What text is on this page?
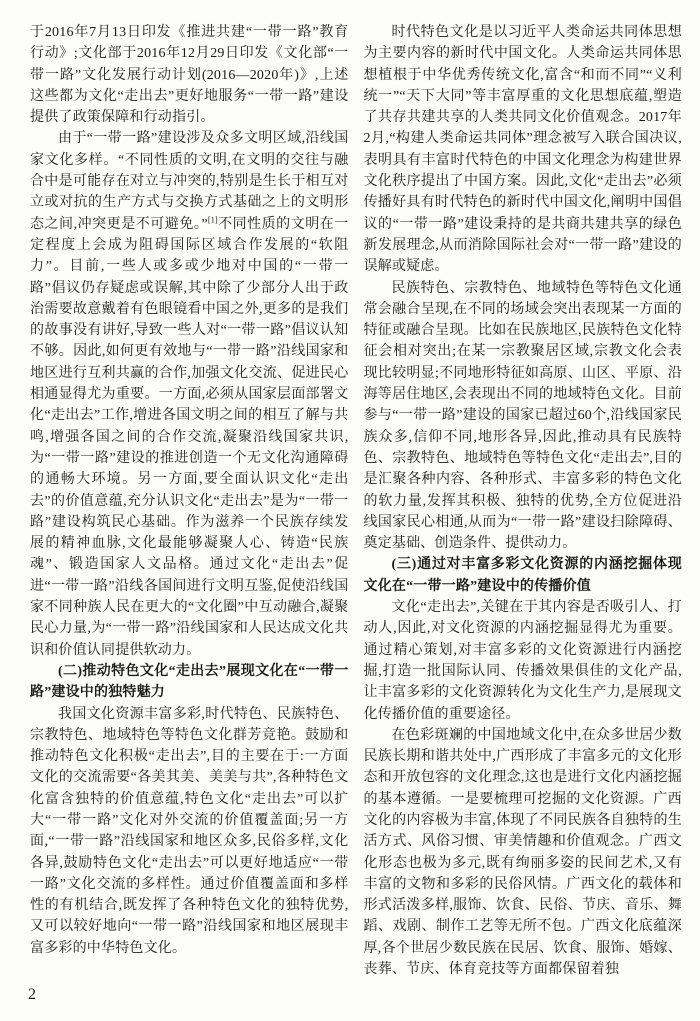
于2016年7月13日印发《推进共建“一带一路”教育行动》;文化部于2016年12月29日印发《文化部“一带一路”文化发展行动计划(2016—2020年)》,上述这些都为文化“走出去”更好地服务“一带一路”建设提供了政策保障和行动指引。

由于“一带一路”建设涉及众多文明区域,沿线国家文化多样。“不同性质的文明,在文明的交往与融合中是可能存在对立与冲突的,特别是生长于相互对立或对抗的生产方式与交换方式基础之上的文明形态之间,冲突更是不可避免。”[1]不同性质的文明在一定程度上会成为阻碍国际区域合作发展的“软阻力”。目前,一些人或多或少地对中国的“一带一路”倡议仍存疑虑或误解,其中除了少部分人出于政治需要故意戴着有色眼镜看中国之外,更多的是我们的故事没有讲好,导致一些人对“一带一路”倡议认知不够。因此,如何更有效地与“一带一路”沿线国家和地区进行互利共赢的合作,加强文化交流、促进民心相通显得尤为重要。一方面,必须从国家层面部署文化“走出去”工作,增进各国文明之间的相互了解与共鸣,增强各国之间的合作交流,凝聚沿线国家共识,为“一带一路”建设的推进创造一个无文化沟通障碍的通畅大环境。另一方面,要全面认识文化“走出去”的价值意蕴,充分认识文化“走出去”是为“一带一路”建设构筑民心基础。作为滋养一个民族存续发展的精神血脉,文化最能够凝聚人心、铸造“民族魂”、锻造国家人文品格。通过文化“走出去”促进“一带一路”沿线各国间进行文明互鉴,促使沿线国家不同种族人民在更大的“文化圈”中互动融合,凝聚民心力量,为“一带一路”沿线国家和人民达成文化共识和价值认同提供软动力。

(二)推动特色文化“走出去”展现文化在“一带一路”建设中的独特魅力

我国文化资源丰富多彩,时代特色、民族特色、宗教特色、地域特色等特色文化群芳竞艳。鼓励和推动特色文化积极“走出去”,目的主要在于:一方面文化的交流需要“各美其美、美美与共”,各种特色文化富含独特的价值意蕴,特色文化“走出去”可以扩大“一带一路”文化对外交流的价值覆盖面;另一方面,“一带一路”沿线国家和地区众多,民俗多样,文化各异,鼓励特色文化“走出去”可以更好地适应“一带一路”文化交流的多样性。通过价值覆盖面和多样性的有机结合,既发挥了各种特色文化的独特优势,又可以较好地向“一带一路”沿线国家和地区展现丰富多彩的中华特色文化。

时代特色文化是以习近平人类命运共同体思想为主要内容的新时代中国文化。人类命运共同体思想植根于中华优秀传统文化,富含“和而不同”“义利统一”“天下大同”等丰富厚重的文化思想底蕴,塑造了共存共建共享的人类共同文化价值观念。2017年2月,“构建人类命运共同体”理念被写入联合国决议,表明具有丰富时代特色的中国文化理念为构建世界文化秩序提出了中国方案。因此,文化“走出去”必须传播好具有时代特色的新时代中国文化,阐明中国倡议的“一带一路”建设秉持的是共商共建共享的绿色新发展理念,从而消除国际社会对“一带一路”建设的误解或疑虑。

民族特色、宗教特色、地域特色等特色文化通常会融合呈现,在不同的场域会突出表现某一方面的特征或融合呈现。比如在民族地区,民族特色文化特征会相对突出;在某一宗教聚居区域,宗教文化会表现比较明显;不同地形特征如高原、山区、平原、沿海等居住地区,会表现出不同的地域特色文化。目前参与“一带一路”建设的国家已超过60个,沿线国家民族众多,信仰不同,地形各异,因此,推动具有民族特色、宗教特色、地域特色等特色文化“走出去”,目的是汇聚各种内容、各种形式、丰富多彩的特色文化的软力量,发挥其积极、独特的优势,全方位促进沿线国家民心相通,从而为“一带一路”建设扫除障碍、奠定基础、创造条件、提供动力。

(三)通过对丰富多彩文化资源的内涵挖掘体现文化在“一带一路”建设中的传播价值

文化“走出去”,关键在于其内容是否吸引人、打动人,因此,对文化资源的内涵挖掘显得尤为重要。通过精心策划,对丰富多彩的文化资源进行内涵挖掘,打造一批国际认同、传播效果俱佳的文化产品,让丰富多彩的文化资源转化为文化生产力,是展现文化传播价值的重要途径。

在色彩斑斓的中国地域文化中,在众多世居少数民族长期和谐共处中,广西形成了丰富多元的文化形态和开放包容的文化理念,这也是进行文化内涵挖掘的基本遵循。一是要梳理可挖掘的文化资源。广西文化的内容极为丰富,体现了不同民族各自独特的生活方式、风俗习惯、审美情趣和价值观念。广西文化形态也极为多元,既有绚丽多姿的民间艺术,又有丰富的文物和多彩的民俗风情。广西文化的载体和形式活泼多样,服饰、饮食、民俗、节庆、音乐、舞蹈、戏剧、制作工艺等无所不包。广西文化底蕴深厚,各个世居少数民族在民居、饮食、服饰、婚嫁、丧葬、节庆、体育竞技等方面都保留着独

2
